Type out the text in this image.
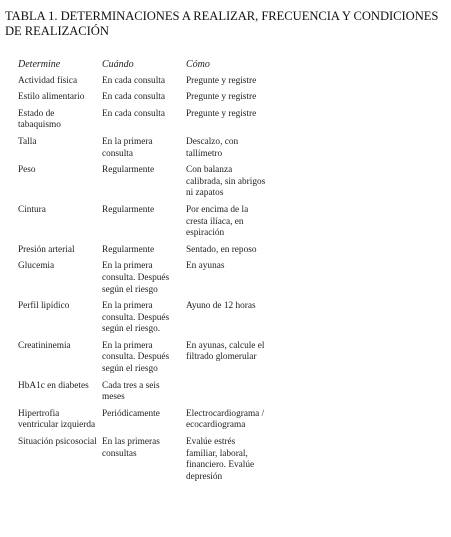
TABLA 1. DETERMINACIONES A REALIZAR, FRECUENCIA Y CONDICIONES DE REALIZACIÓN
Determine	Cuándo	Cómo
Actividad física	En cada consulta	Pregunte y registre

Estilo alimentario	En cada consulta	Pregunte y registre

Estado de tabaquismo	En cada consulta	Pregunte y registre

Talla	En la primera consulta	Descalzo, con tallímetro

Peso	Regularmente	Con balanza calibrada, sin abrigos ni zapatos

Cintura	Regularmente	Por encima de la cresta ilíaca, en espiración

Presión arterial	Regularmente	Sentado, en reposo

Glucemia	En la primera consulta. Después según el riesgo	En ayunas

Perfil lipídico	En la primera consulta. Después según el riesgo.	Ayuno de 12 horas

Creatininemia	En la primera consulta. Después según el riesgo	En ayunas, calcule el filtrado glomerular

HbA1c en diabetes	Cada tres a seis meses	

Hipertrofia ventricular izquierda	Periódicamente	Electrocardiograma / ecocardiograma

Situación psicosocial	En las primeras consultas	Evalúe estrés familiar, laboral, financiero. Evalúe depresión
